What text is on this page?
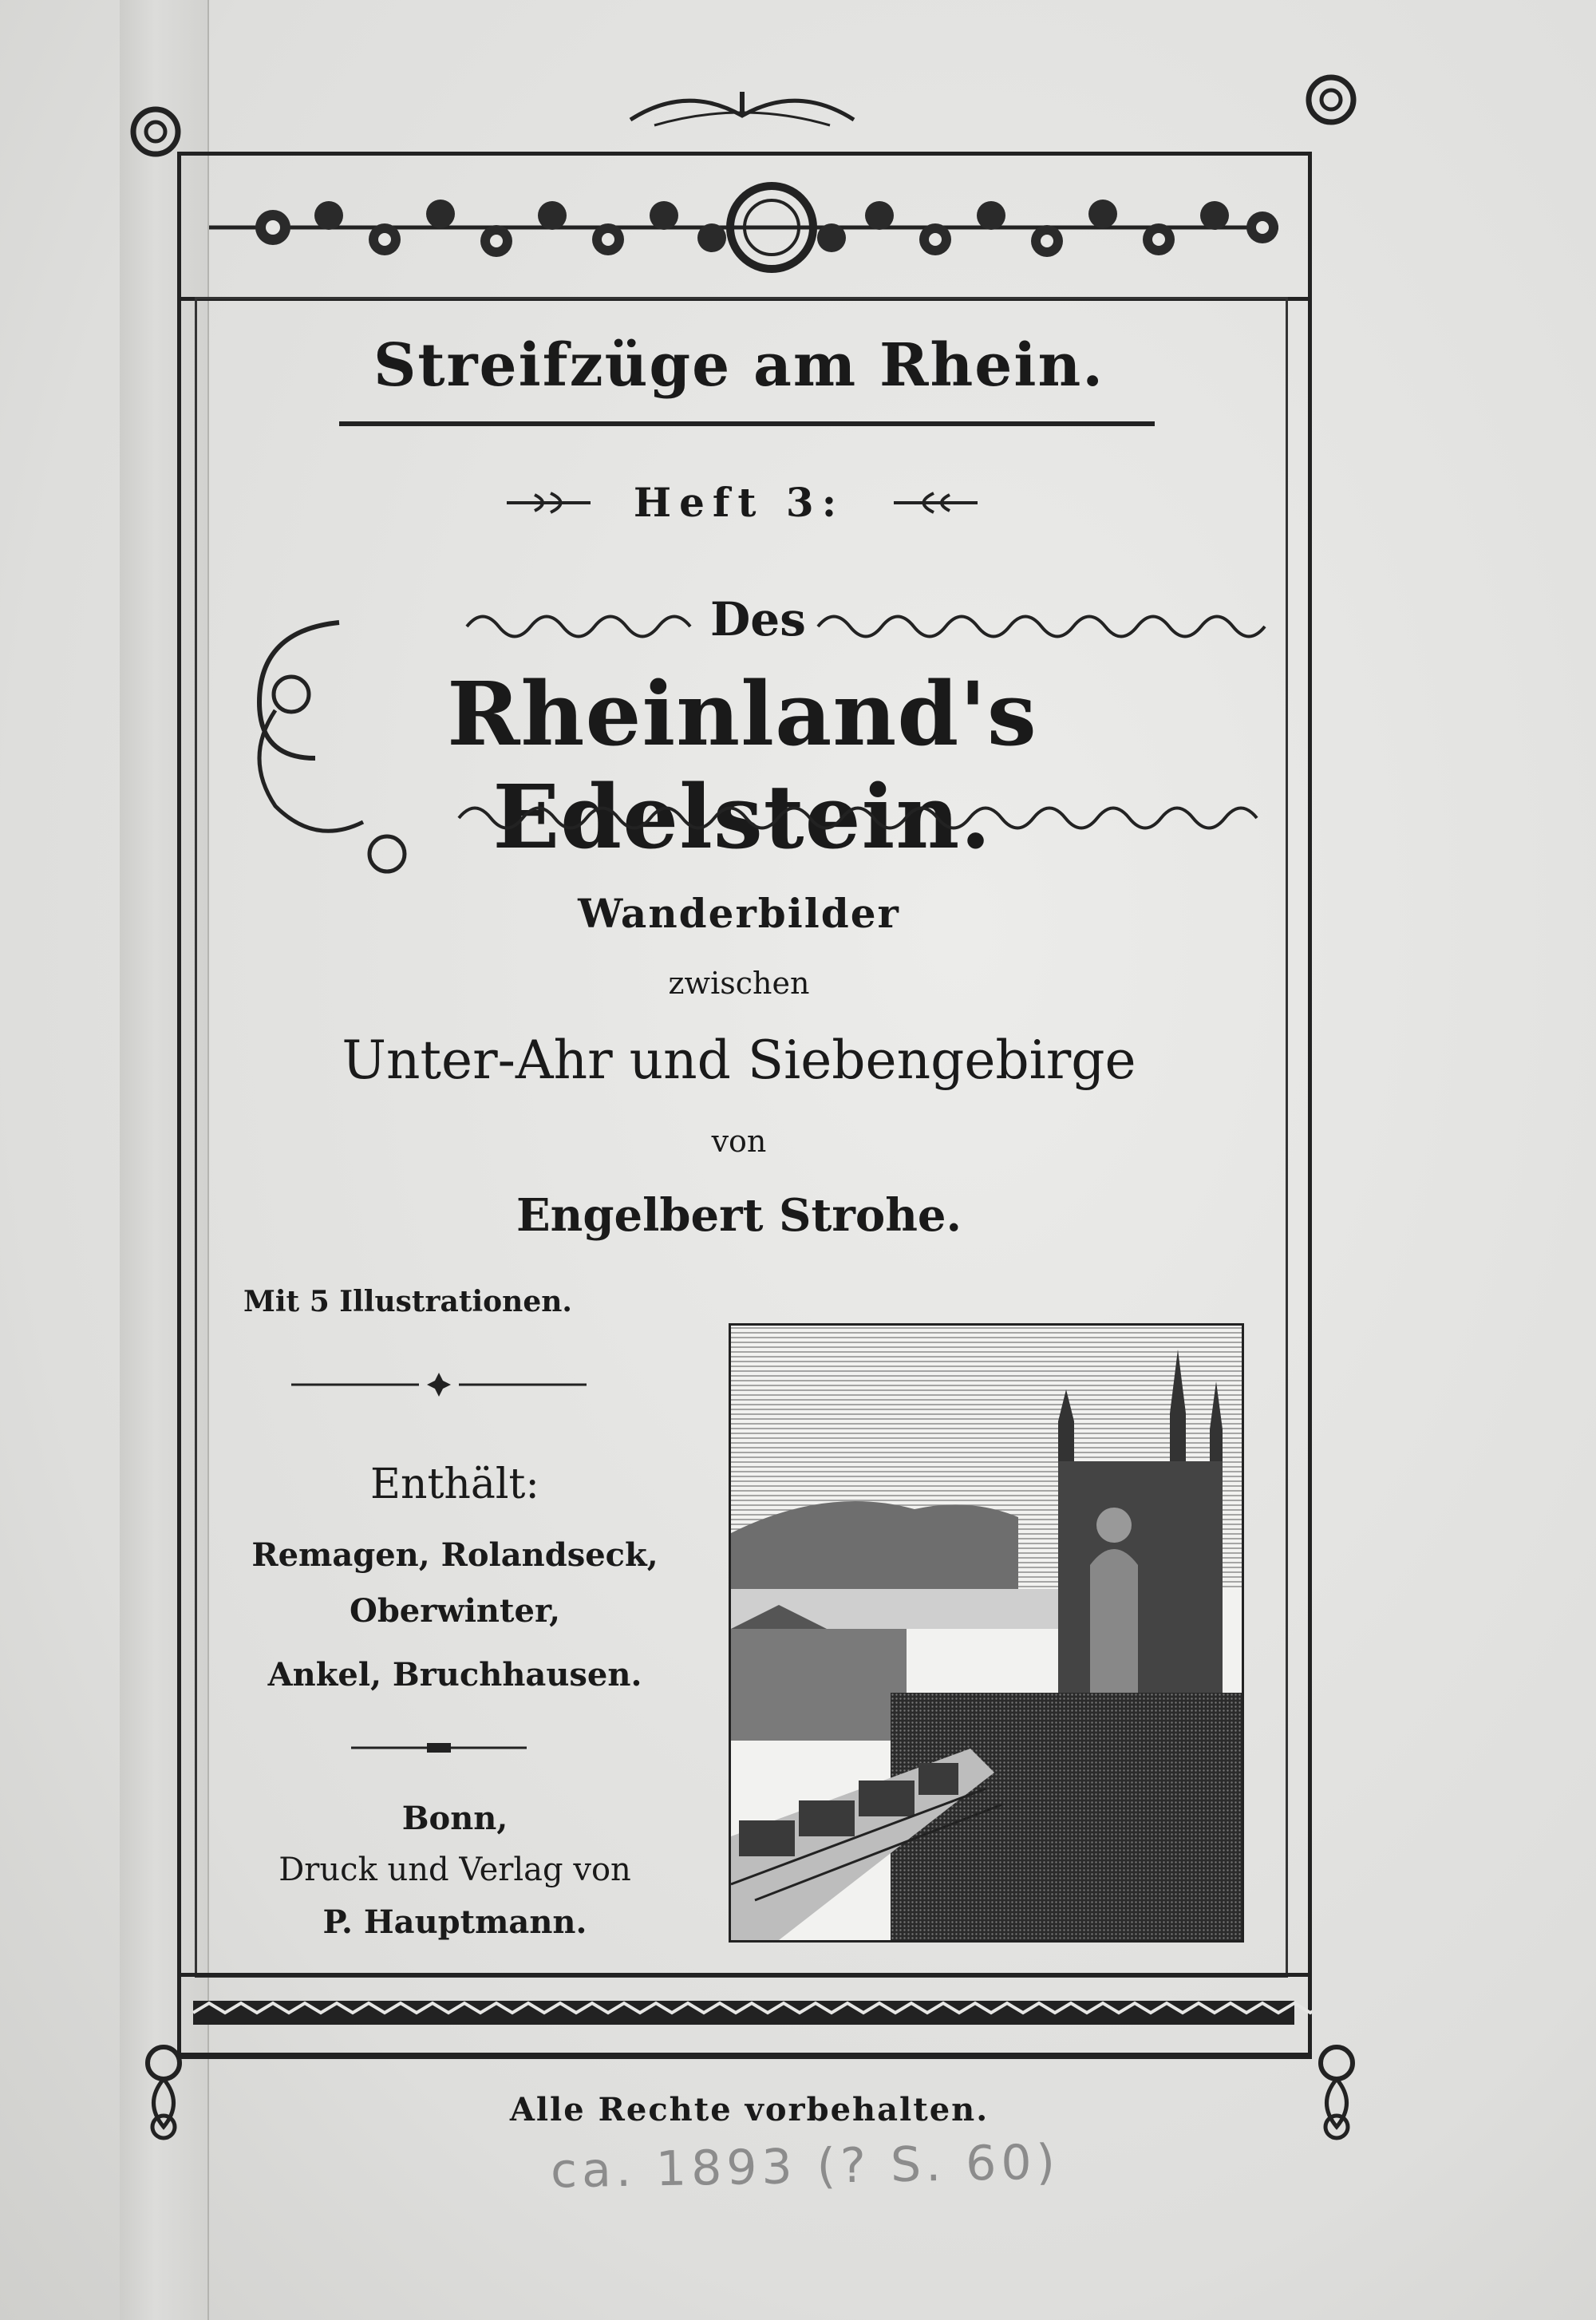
Streifzüge am Rhein.
Heft 3:
Des
Rheinland's Edelstein.
Wanderbilder
zwischen
Unter-Ahr und Siebengebirge
von
Engelbert Strohe.
Mit 5 Illustrationen.
Enthält:
Remagen, Rolandseck,
Oberwinter,
Ankel, Bruchhausen.
Bonn,
Druck und Verlag von
P. Hauptmann.
Alle Rechte vorbehalten.
ca. 1893 (? S. 60)
